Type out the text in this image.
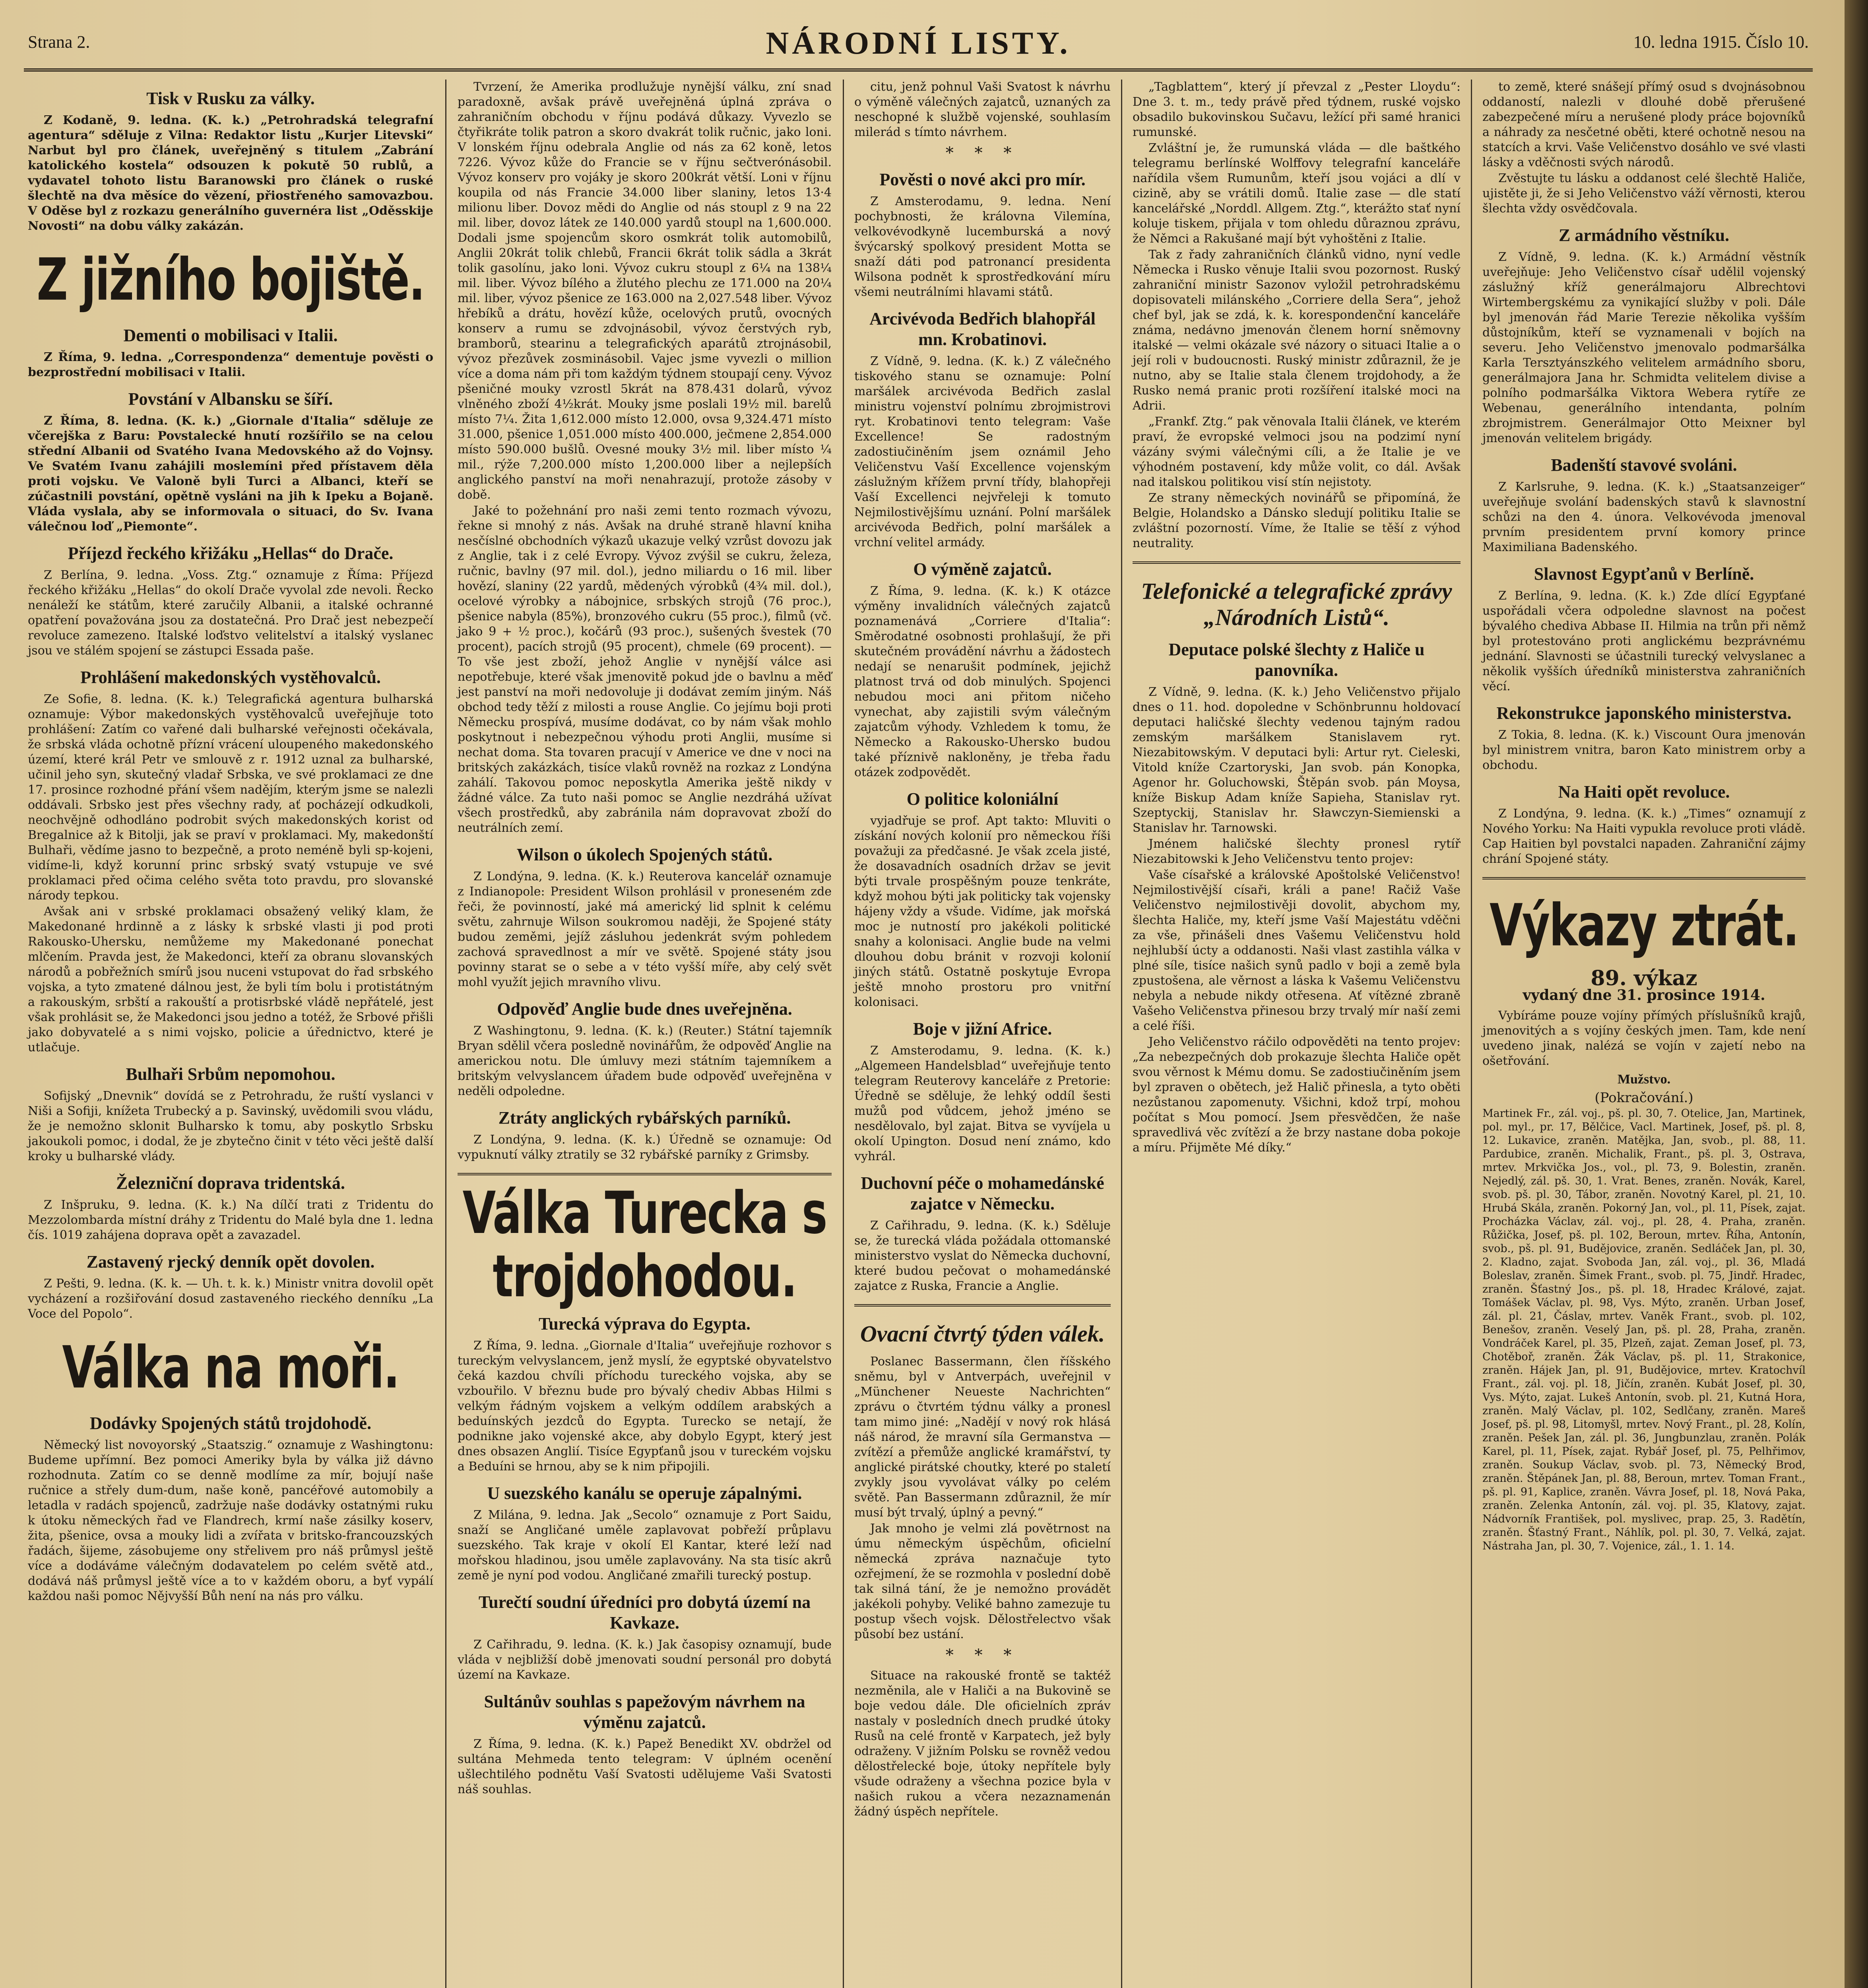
Strana 2.	NÁRODNÍ LISTY.	10. ledna 1915. Číslo 10.
Tisk v Rusku za války.

Z Kodaně, 9. ledna. (K. k.) „Petrohradská telegrafní agentura“ sděluje z Vilna: Redaktor listu „Kurjer Litevski“ Narbut byl pro článek, uveřejněný s titulem „Zabrání katolického kostela“ odsouzen k pokutě 50 rublů, a vydavatel tohoto listu Baranowski pro článek o ruské šlechtě na dva měsíce do vězení, přiostřeného samovazbou. V Oděse byl z rozkazu generálního guvernéra list „Oděsskije Novosti“ na dobu války zakázán.

Z jižního bojiště.
Dementi o mobilisaci v Italii.

Z Říma, 9. ledna. „Correspondenza“ dementuje pověsti o bezprostřední mobilisaci v Italii.

Povstání v Albansku se šíří.

Z Říma, 8. ledna. (K. k.) „Giornale d'Italia“ sděluje ze včerejška z Baru: Povstalecké hnutí rozšířilo se na celou střední Albanii od Svatého Ivana Medovského až do Vojnsy. Ve Svatém Ivanu zahájili moslemíni před přístavem děla proti vojsku. Ve Valoně byli Turci a Albanci, kteří se zúčastnili povstání, opětně vysláni na jih k Ipeku a Bojaně. Vláda vyslala, aby se informovala o situaci, do Sv. Ivana válečnou loď „Piemonte“.

Příjezd řeckého křižáku „Hellas“ do Drače.

Z Berlína, 9. ledna. „Voss. Ztg.“ oznamuje z Říma: Příjezd řeckého křižáku „Hellas“ do okolí Drače vyvolal zde nevoli. Řecko nenáleží ke státům, které zaručily Albanii, a italské ochranné opatření považována jsou za dostatečná. Pro Drač jest nebezpečí revoluce zamezeno. Italské loďstvo velitelství a italský vyslanec jsou ve stálém spojení se zástupci Essada paše.

Prohlášení makedonských vystěhovalců.

Ze Sofie, 8. ledna. (K. k.) Telegrafická agentura bulharská oznamuje: Výbor makedonských vystěhovalců uveřejňuje toto prohlášení: Zatím co vařené dali bulharské veřejnosti očekávala, že srbská vláda ochotně přízní vrácení uloupeného makedonského území, které král Petr ve smlouvě z r. 1912 uznal za bulharské, učinil jeho syn, skutečný vladař Srbska, ve své proklamaci ze dne 17. prosince rozhodné přání všem nadějím, kterým jsme se nalezli oddávali. Srbsko jest přes všechny rady, ať pocházejí odkudkoli, neochvějně odhodláno podrobit svých makedonských korist od Bregalnice až k Bitolji, jak se praví v proklamaci. My, makedonští Bulhaři, vědíme jasno to bezpečně, a proto neméně byli sp-kojeni, vidíme-li, když korunní princ srbský svatý vstupuje ve své proklamaci před očima celého světa toto pravdu, pro slovanské národy tepkou.

Avšak ani v srbské proklamaci obsažený veliký klam, že Makedonané hrdinně a z lásky k srbské vlasti ji pod proti Rakousko-Uhersku, nemůžeme my Makedonané ponechat mlčením. Pravda jest, že Makedonci, kteří za obranu slovanských národů a pobřežních smírů jsou nuceni vstupovat do řad srbského vojska, a tyto zmatené dálnou jest, že byli tím bolu i protistátným a rakouským, srbští a rakouští a protisrbské vládě nepřátelé, jest však prohlásit se, že Makedonci jsou jedno a totéž, že Srbové přišli jako dobyvatelé a s nimi vojsko, policie a úřednictvo, které je utlačuje.

Bulhaři Srbům nepomohou.

Sofijský „Dnevnik“ dovídá se z Petrohradu, že ruští vyslanci v Niši a Sofiji, knížeta Trubecký a p. Savinský, uvědomili svou vládu, že je nemožno sklonit Bulharsko k tomu, aby poskytlo Srbsku jakoukoli pomoc, i dodal, že je zbytečno činit v této věci ještě další kroky u bulharské vlády.

Železniční doprava tridentská.

Z Inšpruku, 9. ledna. (K. k.) Na dílčí trati z Tridentu do Mezzolombarda místní dráhy z Tridentu do Malé byla dne 1. ledna čís. 1019 zahájena doprava opět a zavazadel.

Zastavený rjecký denník opět dovolen.

Z Pešti, 9. ledna. (K. k. — Uh. t. k. k.) Ministr vnitra dovolil opět vycházení a rozšiřování dosud zastaveného rieckého denníku „La Voce del Popolo“.

Válka na moři.
Dodávky Spojených států trojdohodě.

Německý list novoyorský „Staatszig.“ oznamuje z Washingtonu: Budeme upřímní. Bez pomoci Ameriky byla by válka již dávno rozhodnuta. Zatím co se denně modlíme za mír, bojují naše ručnice a střely dum-dum, naše koně, pancéřové automobily a letadla v radách spojenců, zadržuje naše dodávky ostatnými ruku k útoku německých řad ve Flandrech, krmí naše zásilky koserv, žita, pšenice, ovsa a mouky lidi a zvířata v britsko-francouzských řadách, šijeme, zásobujeme ony střelivem pro náš průmysl ještě více a dodáváme válečným dodavatelem po celém světě atd., dodává náš průmysl ještě více a to v každém oboru, a byť vypálí každou naši pomoc Nějvyšší Bůh není na nás pro válku.

Tvrzení, že Amerika prodlužuje nynější válku, zní snad paradoxně, avšak právě uveřejněná úplná zpráva o zahraničním obchodu v říjnu podává důkazy. Vyvezlo se čtyřikráte tolik patron a skoro dvakrát tolik ručnic, jako loni. V lonském říjnu odebrala Anglie od nás za 62 koně, letos 7226. Vývoz kůže do Francie se v říjnu sečtverónásobil. Vývoz konserv pro vojáky je skoro 200krát větší. Loni v říjnu koupila od nás Francie 34.000 liber slaniny, letos 13·4 milionu liber. Dovoz mědi do Anglie od nás stoupl z 9 na 22 mil. liber, dovoz látek ze 140.000 yardů stoupl na 1,600.000. Dodali jsme spojencům skoro osmkrát tolik automobilů, Anglii 20krát tolik chlebů, Francii 6krát tolik sádla a 3krát tolik gasolínu, jako loni. Vývoz cukru stoupl z 6¼ na 138¼ mil. liber. Vývoz bílého a žlutého plechu ze 171.000 na 20¼ mil. liber, vývoz pšenice ze 163.000 na 2,027.548 liber. Vývoz hřebíků a drátu, hovězí kůže, ocelových prutů, ovocných konserv a rumu se zdvojnásobil, vývoz čerstvých ryb, bramborů, stearinu a telegrafických aparátů ztrojnásobil, vývoz přezůvek zosminásobil. Vajec jsme vyvezli o million více a doma nám při tom každým týdnem stoupají ceny. Vývoz pšeničné mouky vzrostl 5krát na 878.431 dolarů, vývoz vlněného zboží 4½krát. Mouky jsme poslali 19½ mil. barelů místo 7¼. Žita 1,612.000 místo 12.000, ovsa 9,324.471 místo 31.000, pšenice 1,051.000 místo 400.000, ječmene 2,854.000 místo 590.000 bušlů. Ovesné mouky 3½ mil. liber místo ¼ mil., rýže 7,200.000 místo 1,200.000 liber a nejlepších anglického panství na moři nenahrazují, protože zásoby v době.

Jaké to požehnání pro naši zemi tento rozmach vývozu, řekne si mnohý z nás. Avšak na druhé straně hlavní kniha nesčíslné obchodních výkazů ukazuje velký vzrůst dovozu jak z Anglie, tak i z celé Evropy. Vývoz zvýšil se cukru, železa, ručnic, bavlny (97 mil. dol.), jedno miliardu o 16 mil. liber hovězí, slaniny (22 yardů, mědených výrobků (4¾ mil. dol.), ocelové výrobky a nábojnice, srbských strojů (76 proc.), pšenice nabyla (85%), bronzového cukru (55 proc.), filmů (vč. jako 9 + ½ proc.), kočárů (93 proc.), sušených švestek (70 procent), pacích strojů (95 procent), chmele (69 procent). — To vše jest zboží, jehož Anglie v nynější válce asi nepotřebuje, které však jmenovitě pokud jde o bavlnu a měď jest panství na moři nedovoluje ji dodávat zemím jiným. Náš obchod tedy těží z milosti a rouse Anglie. Co jejímu boji proti Německu prospívá, musíme dodávat, co by nám však mohlo poskytnout i nebezpečnou výhodu proti Anglii, musíme si nechat doma. Sta tovaren pracují v Americe ve dne v noci na britských zakázkách, tisíce vlaků rovněž na rozkaz z Londýna zahálí. Takovou pomoc neposkytla Amerika ještě nikdy v žádné válce. Za tuto naši pomoc se Anglie nezdráhá užívat všech prostředků, aby zabránila nám dopravovat zboží do neutrálních zemí.

Wilson o úkolech Spojených států.

Z Londýna, 9. ledna. (K. k.) Reuterova kancelář oznamuje z Indianopole: President Wilson prohlásil v proneseném zde řeči, že povinností, jaké má americký lid splnit k celému světu, zahrnuje Wilson soukromou naději, že Spojené státy budou zeměmi, jejíž zásluhou jedenkrát svým pohledem zachová spravedlnost a mír ve světě. Spojené státy jsou povinny starat se o sebe a v této vyšší míře, aby celý svět mohl využít jejich mravního vlivu.

Odpověď Anglie bude dnes uveřejněna.

Z Washingtonu, 9. ledna. (K. k.) (Reuter.) Státní tajemník Bryan sdělil včera posledně novinářům, že odpověď Anglie na americkou notu. Dle úmluvy mezi státním tajemníkem a britským velvyslancem úřadem bude odpověď uveřejněna v neděli odpoledne.

Ztráty anglických rybářských parníků.

Z Londýna, 9. ledna. (K. k.) Úředně se oznamuje: Od vypuknutí války ztratily se 32 rybářské parníky z Grimsby.

Válka Turecka s trojdohodou.
Turecká výprava do Egypta.

Z Říma, 9. ledna. „Giornale d'Italia“ uveřejňuje rozhovor s tureckým velvyslancem, jenž myslí, že egyptské obyvatelstvo čeká kazdou chvíli příchodu tureckého vojska, aby se vzbouřilo. V březnu bude pro bývalý chediv Abbas Hilmi s velkým řádným vojskem a velkým oddílem arabských a beduínských jezdců do Egypta. Turecko se netají, že podnikne jako vojenské akce, aby dobylo Egypt, který jest dnes obsazen Anglií. Tisíce Egypťanů jsou v tureckém vojsku a Beduíni se hrnou, aby se k nim připojili.

U suezského kanálu se operuje zápalnými.

Z Milána, 9. ledna. Jak „Secolo“ oznamuje z Port Saidu, snaží se Angličané uměle zaplavovat pobřeží průplavu suezského. Tak kraje v okolí El Kantar, které leží nad mořskou hladinou, jsou uměle zaplavovány. Na sta tisíc akrů země je nyní pod vodou. Angličané zmařili turecký postup.

Turečtí soudní úředníci pro dobytá území na Kavkaze.

Z Cařihradu, 9. ledna. (K. k.) Jak časopisy oznamují, bude vláda v nejbližší době jmenovati soudní personál pro dobytá území na Kavkaze.

Sultánův souhlas s papežovým návrhem na výměnu zajatců.

Z Říma, 9. ledna. (K. k.) Papež Benedikt XV. obdržel od sultána Mehmeda tento telegram: V úplném ocenění ušlechtilého podnětu Vaší Svatosti udělujeme Vaši Svatosti náš souhlas.

citu, jenž pohnul Vaši Svatost k návrhu o výměně válečných zajatců, uznaných za neschopné k službě vojenské, souhlasím milerád s tímto návrhem.

* * *
Pověsti o nové akci pro mír.

Z Amsterodamu, 9. ledna. Není pochybnosti, že královna Vilemína, velkovévodkyně lucemburská a nový švýcarský spolkový president Motta se snaží dáti pod patronancí presidenta Wilsona podnět k sprostředkování míru všemi neutrálními hlavami států.

Arcivévoda Bedřich blahopřál mn. Krobatinovi.

Z Vídně, 9. ledna. (K. k.) Z válečného tiskového stanu se oznamuje: Polní maršálek arcivévoda Bedřich zaslal ministru vojenství polnímu zbrojmistrovi ryt. Krobatinovi tento telegram: Vaše Excellence! Se radostným zadostiučiněním jsem oznámil Jeho Veličenstvu Vaší Excellence vojenským záslužným křížem první třídy, blahopřeji Vaší Excellenci nejvřeleji k tomuto Nejmilostivějšímu uznání. Polní maršálek arcivévoda Bedřich, polní maršálek a vrchní velitel armády.

O výměně zajatců.

Z Říma, 9. ledna. (K. k.) K otázce výměny invalidních válečných zajatců poznamenává „Corriere d'Italia“: Směrodatné osobnosti prohlašují, že při skutečném provádění návrhu a žádostech nedají se nenarušit podmínek, jejichž platnost trvá od dob minulých. Spojenci nebudou moci ani přitom ničeho vynechat, aby zajistili svým válečným zajatcům výhody. Vzhledem k tomu, že Německo a Rakousko-Uhersko budou také příznivě nakloněny, je třeba řadu otázek zodpovědět.

O politice koloniální

vyjadřuje se prof. Apt takto: Mluviti o získání nových kolonií pro německou říši považuji za předčasné. Je však zcela jisté, že dosavadních osadních držav se jevit býti trvale prospěšným pouze tenkráte, když mohou býti jak politicky tak vojensky hájeny vždy a všude. Vidíme, jak mořská moc je nutností pro jakékoli politické snahy a kolonisaci. Anglie bude na velmi dlouhou dobu bránit v rozvoji kolonií jiných států. Ostatně poskytuje Evropa ještě mnoho prostoru pro vnitřní kolonisaci.

Boje v jižní Africe.

Z Amsterodamu, 9. ledna. (K. k.) „Algemeen Handelsblad“ uveřejňuje tento telegram Reuterovy kanceláře z Pretorie: Úředně se sděluje, že lehký oddíl šesti mužů pod vůdcem, jehož jméno se nesdělovalo, byl zajat. Bitva se vyvíjela u okolí Upington. Dosud není známo, kdo vyhrál.

Duchovní péče o mohamedánské zajatce v Německu.

Z Cařihradu, 9. ledna. (K. k.) Sděluje se, že turecká vláda požádala ottomanské ministerstvo vyslat do Německa duchovní, které budou pečovat o mohamedánské zajatce z Ruska, Francie a Anglie.

Ovacní čtvrtý týden válek.

Poslanec Bassermann, člen říšského sněmu, byl v Antverpách, uveřejnil v „Münchener Neueste Nachrichten“ zprávu o čtvrtém týdnu války a pronesl tam mimo jiné: „Nadějí v nový rok hlásá náš národ, že mravní síla Germanstva — zvítězí a přemůže anglické kramářství, ty anglické pirátské choutky, které po staletí zvykly jsou vyvolávat války po celém světě. Pan Bassermann zdůraznil, že mír musí být trvalý, úplný a pevný.“

Jak mnoho je velmi zlá povětrnost na úmu německým úspěchům, oficielní německá zpráva naznačuje tyto ozřejmení, že se rozmohla v poslední době tak silná tání, že je nemožno provádět jakékoli pohyby. Veliké bahno zamezuje tu postup všech vojsk. Dělostřelectvo však působí bez ustání.

* * *

Situace na rakouské frontě se taktéž nezměnila, ale v Haliči a na Bukovině se boje vedou dále. Dle oficielních zpráv nastaly v posledních dnech prudké útoky Rusů na celé frontě v Karpatech, jež byly odraženy. V jižním Polsku se rovněž vedou dělostřelecké boje, útoky nepřítele byly všude odraženy a všechna pozice byla v našich rukou a včera nezaznamenán žádný úspěch nepřítele.

„Tagblattem“, který jí převzal z „Pester Lloydu“: Dne 3. t. m., tedy právě před týdnem, ruské vojsko obsadilo bukovinskou Sučavu, ležící při samé hranici rumunské.

Zvláštní je, že rumunská vláda — dle baštkého telegramu berlínské Wolffovy telegrafní kanceláře nařídila všem Rumunům, kteří jsou vojáci a dlí v cizině, aby se vrátili domů. Italie zase — dle statí kancelářské „Norddl. Allgem. Ztg.“, kterážto stať nyní koluje tiskem, přijala v tom ohledu důraznou zprávu, že Němci a Rakušané mají být vyhoštěni z Italie.

Tak z řady zahraničních článků vidno, nyní vedle Německa i Rusko věnuje Italii svou pozornost. Ruský zahraniční ministr Sazonov vyložil petrohradskému dopisovateli milánského „Corriere della Sera“, jehož chef byl, jak se zdá, k. k. korespondenční kanceláře známa, nedávno jmenován členem horní sněmovny italské — velmi okázale své názory o situaci Italie a o její roli v budoucnosti. Ruský ministr zdůraznil, že je nutno, aby se Italie stala členem trojdohody, a že Rusko nemá pranic proti rozšíření italské moci na Adrii.

„Frankf. Ztg.“ pak věnovala Italii článek, ve kterém praví, že evropské velmoci jsou na podzimí nyní vázány svými válečnými cíli, a že Italie je ve výhodném postavení, kdy může volit, co dál. Avšak nad italskou politikou visí stín nejistoty.

Ze strany německých novinářů se připomíná, že Belgie, Holandsko a Dánsko sledují politiku Italie se zvláštní pozorností. Víme, že Italie se těší z výhod neutrality.

Telefonické a telegrafické zprávy „Národních Listů“.
Deputace polské šlechty z Haliče u panovníka.

Z Vídně, 9. ledna. (K. k.) Jeho Veličenstvo přijalo dnes o 11. hod. dopoledne v Schönbrunnu holdovací deputaci haličské šlechty vedenou tajným radou zemským maršálkem Stanislavem ryt. Niezabitowským. V deputaci byli: Artur ryt. Cieleski, Vitold kníže Czartoryski, Jan svob. pán Konopka, Agenor hr. Goluchowski, Štěpán svob. pán Moysa, kníže Biskup Adam kníže Sapieha, Stanislav ryt. Szeptyckij, Stanislav hr. Sławczyn-Siemienski a Stanislav hr. Tarnowski.

Jménem haličské šlechty pronesl rytíř Niezabitowski k Jeho Veličenstvu tento projev:

Vaše císařské a královské Apoštolské Veličenstvo! Nejmilostivější císaři, králi a pane! Račiž Vaše Veličenstvo nejmilostivěji dovolit, abychom my, šlechta Haliče, my, kteří jsme Vaší Majestátu vděčni za vše, přinášeli dnes Vašemu Veličenstvu hold nejhlubší úcty a oddanosti. Naši vlast zastihla válka v plné síle, tisíce našich synů padlo v boji a země byla zpustošena, ale věrnost a láska k Vašemu Veličenstvu nebyla a nebude nikdy otřesena. Ať vítězné zbraně Vašeho Veličenstva přinesou brzy trvalý mír naší zemi a celé říši.

Jeho Veličenstvo ráčilo odpověděti na tento projev: „Za nebezpečných dob prokazuje šlechta Haliče opět svou věrnost k Mému domu. Se zadostiučiněním jsem byl zpraven o obětech, jež Halič přinesla, a tyto oběti nezůstanou zapomenuty. Všichni, kdož trpí, mohou počítat s Mou pomocí. Jsem přesvědčen, že naše spravedlivá věc zvítězí a že brzy nastane doba pokoje a míru. Přijměte Mé díky.“

to země, které snášejí přímý osud s dvojnásobnou oddaností, nalezli v dlouhé době přerušené zabezpečené míru a nerušené plody práce bojovníků a náhrady za nesčetné oběti, které ochotně nesou na statcích a krvi. Vaše Veličenstvo dosáhlo ve své vlasti lásky a vděčnosti svých národů.

Zvěstujte tu lásku a oddanost celé šlechtě Haliče, ujistěte ji, že si Jeho Veličenstvo váží věrnosti, kterou šlechta vždy osvědčovala.

Z armádního věstníku.

Z Vídně, 9. ledna. (K. k.) Armádní věstník uveřejňuje: Jeho Veličenstvo císař udělil vojenský záslužný kříž generálmajoru Albrechtovi Wirtembergskému za vynikající služby v poli. Dále byl jmenován řád Marie Terezie několika vyšším důstojníkům, kteří se vyznamenali v bojích na severu. Jeho Veličenstvo jmenovalo podmaršálka Karla Tersztyánszkého velitelem armádního sboru, generálmajora Jana hr. Schmidta velitelem divise a polního podmaršálka Viktora Webera rytíře ze Webenau, generálního intendanta, polním zbrojmistrem. Generálmajor Otto Meixner byl jmenován velitelem brigády.

Badenští stavové svoláni.

Z Karlsruhe, 9. ledna. (K. k.) „Staatsanzeiger“ uveřejňuje svolání badenských stavů k slavnostní schůzi na den 4. února. Velkovévoda jmenoval prvním presidentem první komory prince Maximiliana Badenského.

Slavnost Egypťanů v Berlíně.

Z Berlína, 9. ledna. (K. k.) Zde dlící Egypťané uspořádali včera odpoledne slavnost na počest bývalého chediva Abbase II. Hilmia na trůn při němž byl protestováno proti anglickému bezprávnému jednání. Slavnosti se účastnili turecký velvyslanec a několik vyšších úředníků ministerstva zahraničních věcí.

Rekonstrukce japonského ministerstva.

Z Tokia, 8. ledna. (K. k.) Viscount Oura jmenován byl ministrem vnitra, baron Kato ministrem orby a obchodu.

Na Haiti opět revoluce.

Z Londýna, 9. ledna. (K. k.) „Times“ oznamují z Nového Yorku: Na Haiti vypukla revoluce proti vládě. Cap Haitien byl povstalci napaden. Zahraniční zájmy chrání Spojené státy.

Výkazy ztrát.
89. výkaz
vydaný dne 31. prosince 1914.

Vybíráme pouze vojíny přímých příslušníků krajů, jmenovitých a s vojíny českých jmen. Tam, kde není uvedeno jinak, nalézá se vojín v zajetí nebo na ošetřování.

Mužstvo.
(Pokračování.)

Martinek Fr., zál. voj., pš. pl. 30, 7. Otelice, Jan, Martinek, pol. myl., pr. 17, Bělčice, Vacl. Martinek, Josef, pš. pl. 8, 12. Lukavice, zraněn. Matějka, Jan, svob., pl. 88, 11. Pardubice, zraněn. Michalik, Frant., pš. pl. 3, Ostrava, mrtev. Mrkvička Jos., vol., pl. 73, 9. Bolestin, zraněn. Nejedlý, zál. pš. 30, 1. Vrat. Benes, zraněn. Novák, Karel, svob. pš. pl. 30, Tábor, zraněn. Novotný Karel, pl. 21, 10. Hrubá Skála, zraněn. Pokorný Jan, vol., pl. 11, Písek, zajat. Procházka Václav, zál. voj., pl. 28, 4. Praha, zraněn. Růžička, Josef, pš. pl. 102, Beroun, mrtev. Říha, Antonín, svob., pš. pl. 91, Budějovice, zraněn. Sedláček Jan, pl. 30, 2. Kladno, zajat. Svoboda Jan, zál. voj., pl. 36, Mladá Boleslav, zraněn. Šimek Frant., svob. pl. 75, Jindř. Hradec, zraněn. Šťastný Jos., pš. pl. 18, Hradec Králové, zajat. Tomášek Václav, pl. 98, Vys. Mýto, zraněn. Urban Josef, zál. pl. 21, Čáslav, mrtev. Vaněk Frant., svob. pl. 102, Benešov, zraněn. Veselý Jan, pš. pl. 28, Praha, zraněn. Vondráček Karel, pl. 35, Plzeň, zajat. Zeman Josef, pl. 73, Chotěboř, zraněn. Žák Václav, pš. pl. 11, Strakonice, zraněn. Hájek Jan, pl. 91, Budějovice, mrtev. Kratochvíl Frant., zál. voj. pl. 18, Jičín, zraněn. Kubát Josef, pl. 30, Vys. Mýto, zajat. Lukeš Antonín, svob. pl. 21, Kutná Hora, zraněn. Malý Václav, pl. 102, Sedlčany, zraněn. Mareš Josef, pš. pl. 98, Litomyšl, mrtev. Nový Frant., pl. 28, Kolín, zraněn. Pešek Jan, zál. pl. 36, Jungbunzlau, zraněn. Polák Karel, pl. 11, Písek, zajat. Rybář Josef, pl. 75, Pelhřimov, zraněn. Soukup Václav, svob. pl. 73, Německý Brod, zraněn. Štěpánek Jan, pl. 88, Beroun, mrtev. Toman Frant., pš. pl. 91, Kaplice, zraněn. Vávra Josef, pl. 18, Nová Paka, zraněn. Zelenka Antonín, zál. voj. pl. 35, Klatovy, zajat. Nádvorník František, pol. myslivec, prap. 25, 3. Radětín, zraněn. Šťastný Frant., Náhlík, pol. pl. 30, 7. Velká, zajat. Nástraha Jan, pl. 30, 7. Vojenice, zál., 1. 1. 14.
